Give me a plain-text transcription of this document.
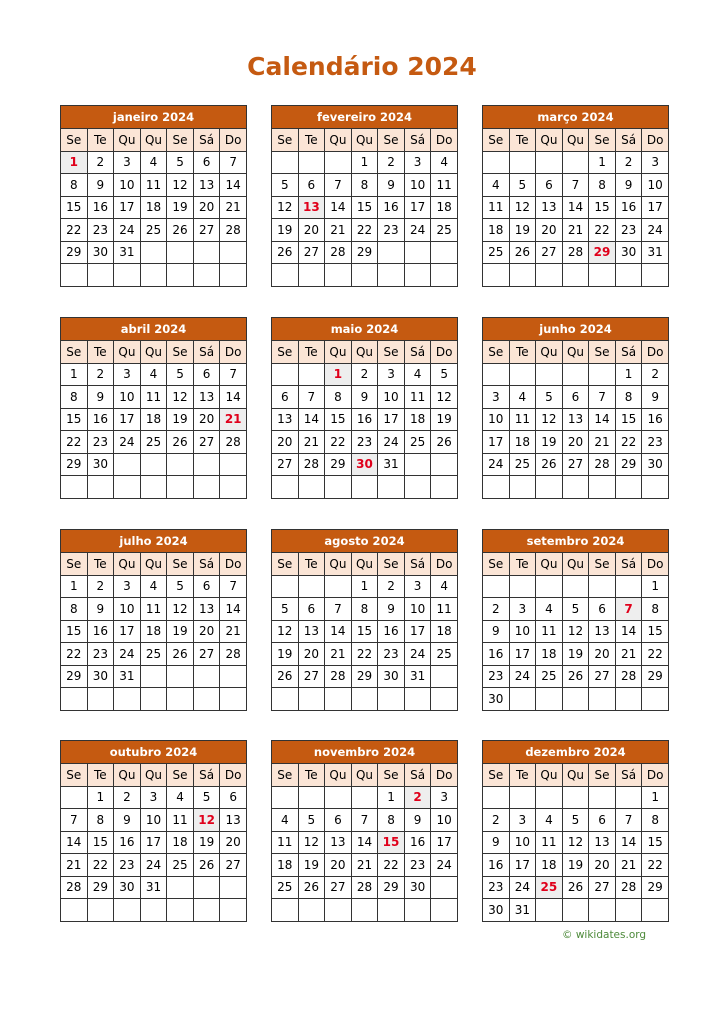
Calendário 2024
janeiro 2024
Se	Te	Qu	Qu	Se	Sá	Do
1	2	3	4	5	6	7
8	9	10	11	12	13	14
15	16	17	18	19	20	21
22	23	24	25	26	27	28
29	30	31				

fevereiro 2024
Se	Te	Qu	Qu	Se	Sá	Do
			1	2	3	4
5	6	7	8	9	10	11
12	13	14	15	16	17	18
19	20	21	22	23	24	25
26	27	28	29			

março 2024
Se	Te	Qu	Qu	Se	Sá	Do
				1	2	3
4	5	6	7	8	9	10
11	12	13	14	15	16	17
18	19	20	21	22	23	24
25	26	27	28	29	30	31

abril 2024
Se	Te	Qu	Qu	Se	Sá	Do
1	2	3	4	5	6	7
8	9	10	11	12	13	14
15	16	17	18	19	20	21
22	23	24	25	26	27	28
29	30					

maio 2024
Se	Te	Qu	Qu	Se	Sá	Do
		1	2	3	4	5
6	7	8	9	10	11	12
13	14	15	16	17	18	19
20	21	22	23	24	25	26
27	28	29	30	31		

junho 2024
Se	Te	Qu	Qu	Se	Sá	Do
					1	2
3	4	5	6	7	8	9
10	11	12	13	14	15	16
17	18	19	20	21	22	23
24	25	26	27	28	29	30

julho 2024
Se	Te	Qu	Qu	Se	Sá	Do
1	2	3	4	5	6	7
8	9	10	11	12	13	14
15	16	17	18	19	20	21
22	23	24	25	26	27	28
29	30	31				

agosto 2024
Se	Te	Qu	Qu	Se	Sá	Do
			1	2	3	4
5	6	7	8	9	10	11
12	13	14	15	16	17	18
19	20	21	22	23	24	25
26	27	28	29	30	31	

setembro 2024
Se	Te	Qu	Qu	Se	Sá	Do
						1
2	3	4	5	6	7	8
9	10	11	12	13	14	15
16	17	18	19	20	21	22
23	24	25	26	27	28	29
30						
outubro 2024
Se	Te	Qu	Qu	Se	Sá	Do
	1	2	3	4	5	6
7	8	9	10	11	12	13
14	15	16	17	18	19	20
21	22	23	24	25	26	27
28	29	30	31			

novembro 2024
Se	Te	Qu	Qu	Se	Sá	Do
				1	2	3
4	5	6	7	8	9	10
11	12	13	14	15	16	17
18	19	20	21	22	23	24
25	26	27	28	29	30	

dezembro 2024
Se	Te	Qu	Qu	Se	Sá	Do
						1
2	3	4	5	6	7	8
9	10	11	12	13	14	15
16	17	18	19	20	21	22
23	24	25	26	27	28	29
30	31					
© wikidates.org
